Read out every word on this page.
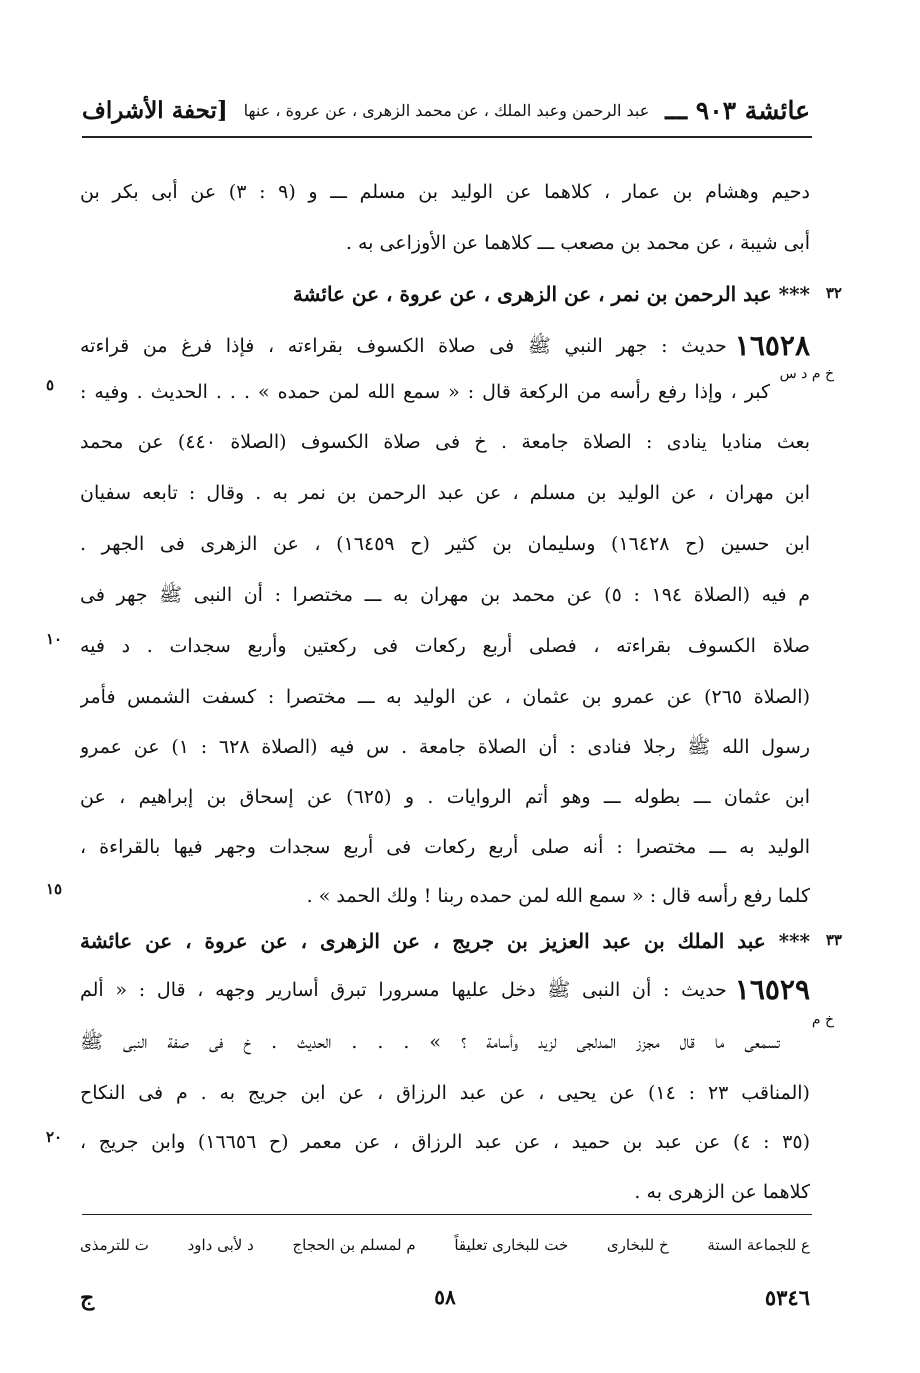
عائشة ٩٠٣ ـــ
عبد الرحمن وعبد الملك ، عن محمد الزهرى ، عن عروة ، عنها
[تحفة الأشراف
دحيم وهشام بن عمار ، كلاهما عن الوليد بن مسلم ـــ و (٩ : ٣) عن أبى بكر بن
أبى شيبة ، عن محمد بن مصعب ـــ كلاهما عن الأوزاعى به .
٣٢
*** عبد الرحمن بن نمر ، عن الزهرى ، عن عروة ، عن عائشة
١٦٥٢٨حديث : جهر النبي ﷺ فى صلاة الكسوف بقراءته ، فإذا فرغ من قراءته
خ م د س
٥ كبر ، وإذا رفع رأسه من الركعة قال : « سمع الله لمن حمده » . . . الحديث . وفيه :
بعث مناديا ينادى : الصلاة جامعة . خ فى صلاة الكسوف (الصلاة ٤٤٠) عن محمد
ابن مهران ، عن الوليد بن مسلم ، عن عبد الرحمن بن نمر به . وقال : تابعه سفيان
ابن حسين (ح ١٦٤٢٨) وسليمان بن كثير (ح ١٦٤٥٩) ، عن الزهرى فى الجهر .
م فيه (الصلاة ١٩٤ : ٥) عن محمد بن مهران به ـــ مختصرا : أن النبى ﷺ جهر فى
١٠ صلاة الكسوف بقراءته ، فصلى أربع ركعات فى ركعتين وأربع سجدات . د فيه
(الصلاة ٢٦٥) عن عمرو بن عثمان ، عن الوليد به ـــ مختصرا : كسفت الشمس فأمر
رسول الله ﷺ رجلا فنادى : أن الصلاة جامعة . س فيه (الصلاة ٦٢٨ : ١) عن عمرو
ابن عثمان ـــ بطوله ـــ وهو أتم الروايات . و (٦٢٥) عن إسحاق بن إبراهيم ، عن
الوليد به ـــ مختصرا : أنه صلى أربع ركعات فى أربع سجدات وجهر فيها بالقراءة ،
١٥	كلما رفع رأسه قال : « سمع الله لمن حمده ربنا ! ولك الحمد » .
٣٣
*** عبد الملك بن عبد العزيز بن جريج ، عن الزهرى ، عن عروة ، عن عائشة
١٦٥٢٩حديث : أن النبى ﷺ دخل عليها مسرورا تبرق أسارير وجهه ، قال : « ألم
خ م
تسمعى ما قال مجزز المدلجى لزيد وأسامة ؟ » . . . الحديث . خ فى صفة النبى ﷺ
(المناقب ٢٣ : ١٤) عن يحيى ، عن عبد الرزاق ، عن ابن جريج به . م فى النكاح
٢٠ (٣٥ : ٤) عن عبد بن حميد ، عن عبد الرزاق ، عن معمر (ح ١٦٦٥٦) وابن جريج ،
كلاهما عن الزهرى به .
ع للجماعة الستة
خ للبخارى
خت للبخارى تعليقاً
م لمسلم بن الحجاج
د لأبى داود
ت للترمذى
٥٣٤٦
٥٨
ج
